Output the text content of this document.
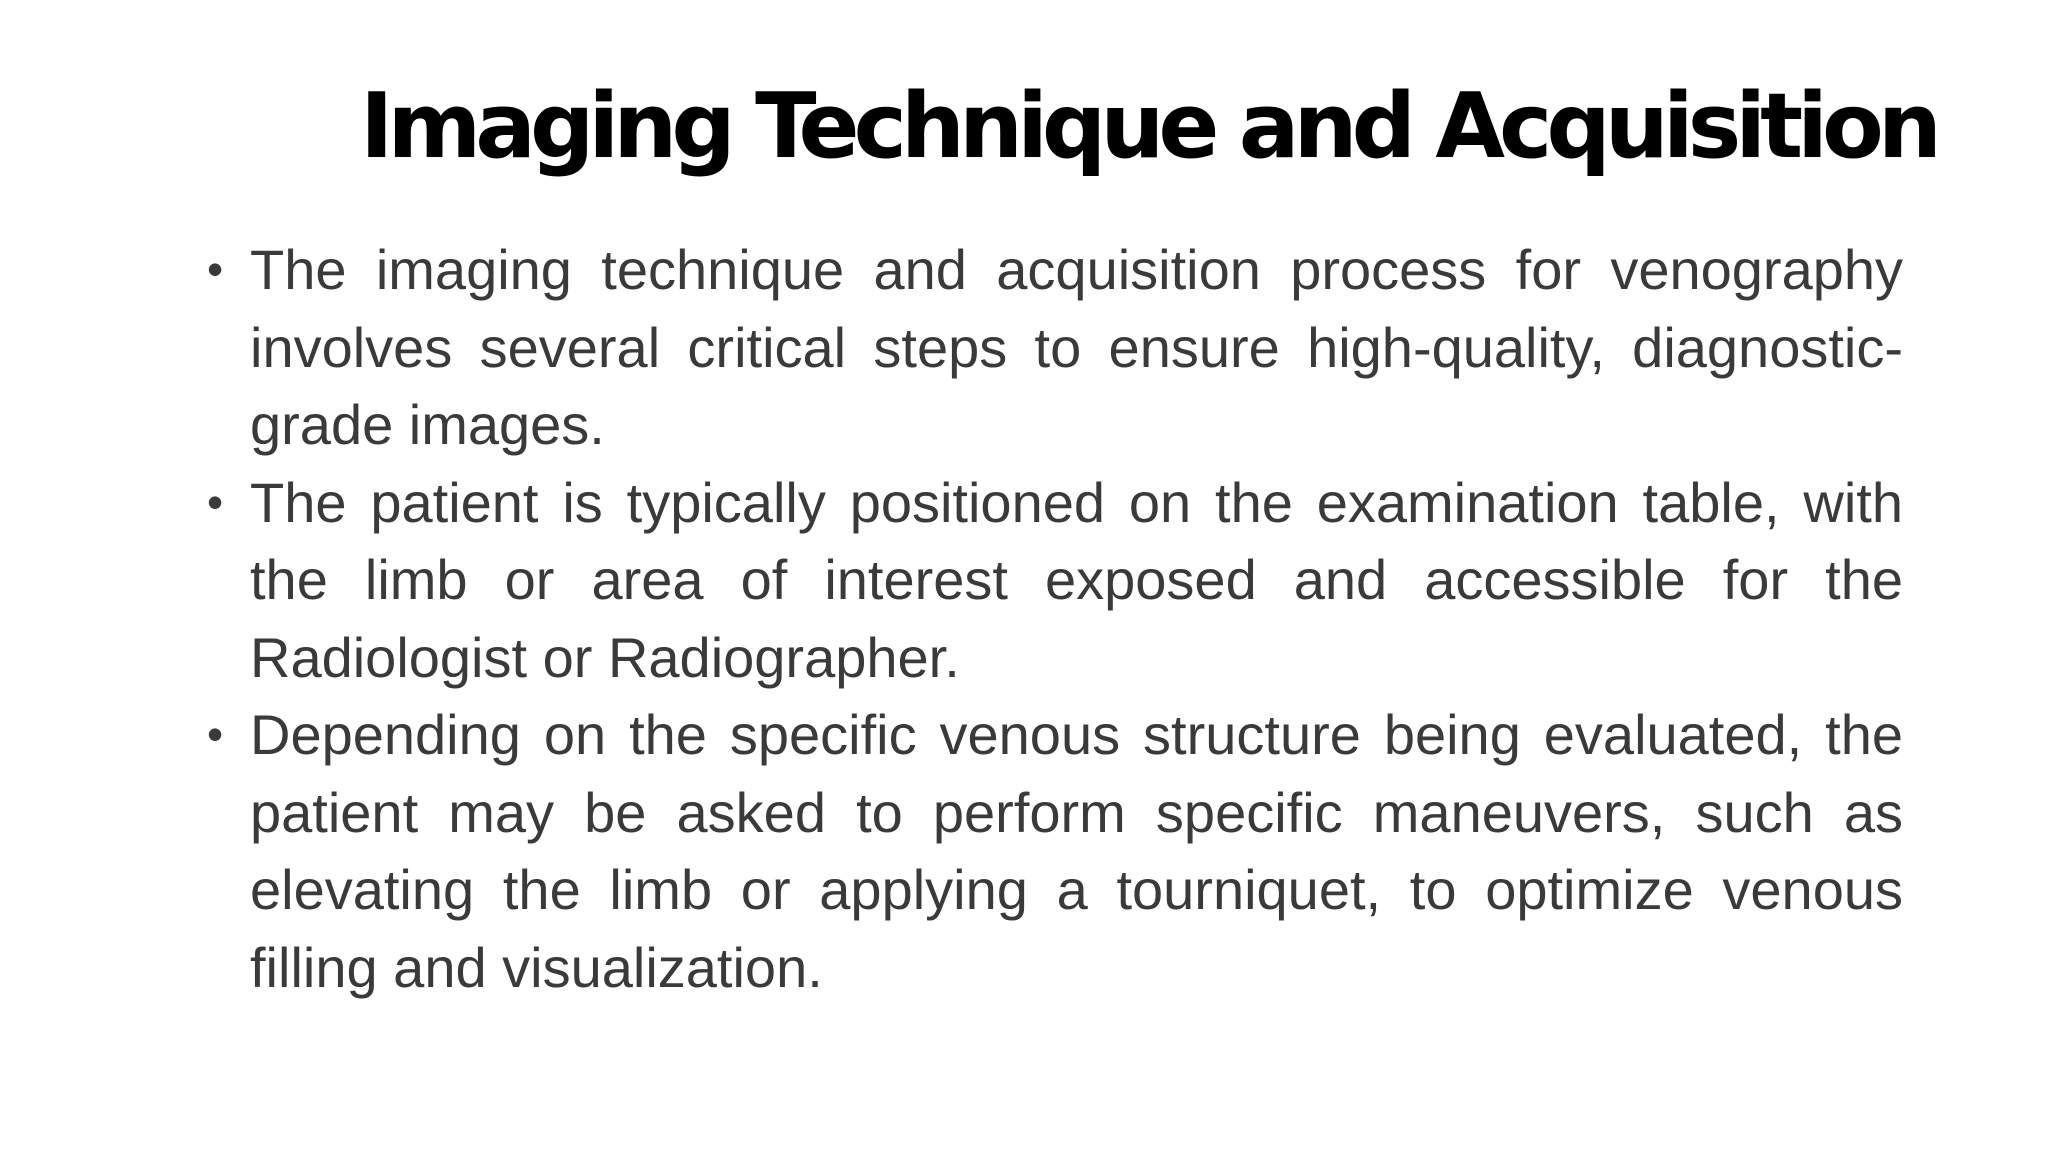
Imaging Technique and Acquisition
• The imaging technique and acquisition process for venography involves several critical steps to ensure high-quality, diagnostic-grade images.
• The patient is typically positioned on the examination table, with the limb or area of interest exposed and accessible for the Radiologist or Radiographer.
• Depending on the specific venous structure being evaluated, the patient may be asked to perform specific maneuvers, such as elevating the limb or applying a tourniquet, to optimize venous filling and visualization.
